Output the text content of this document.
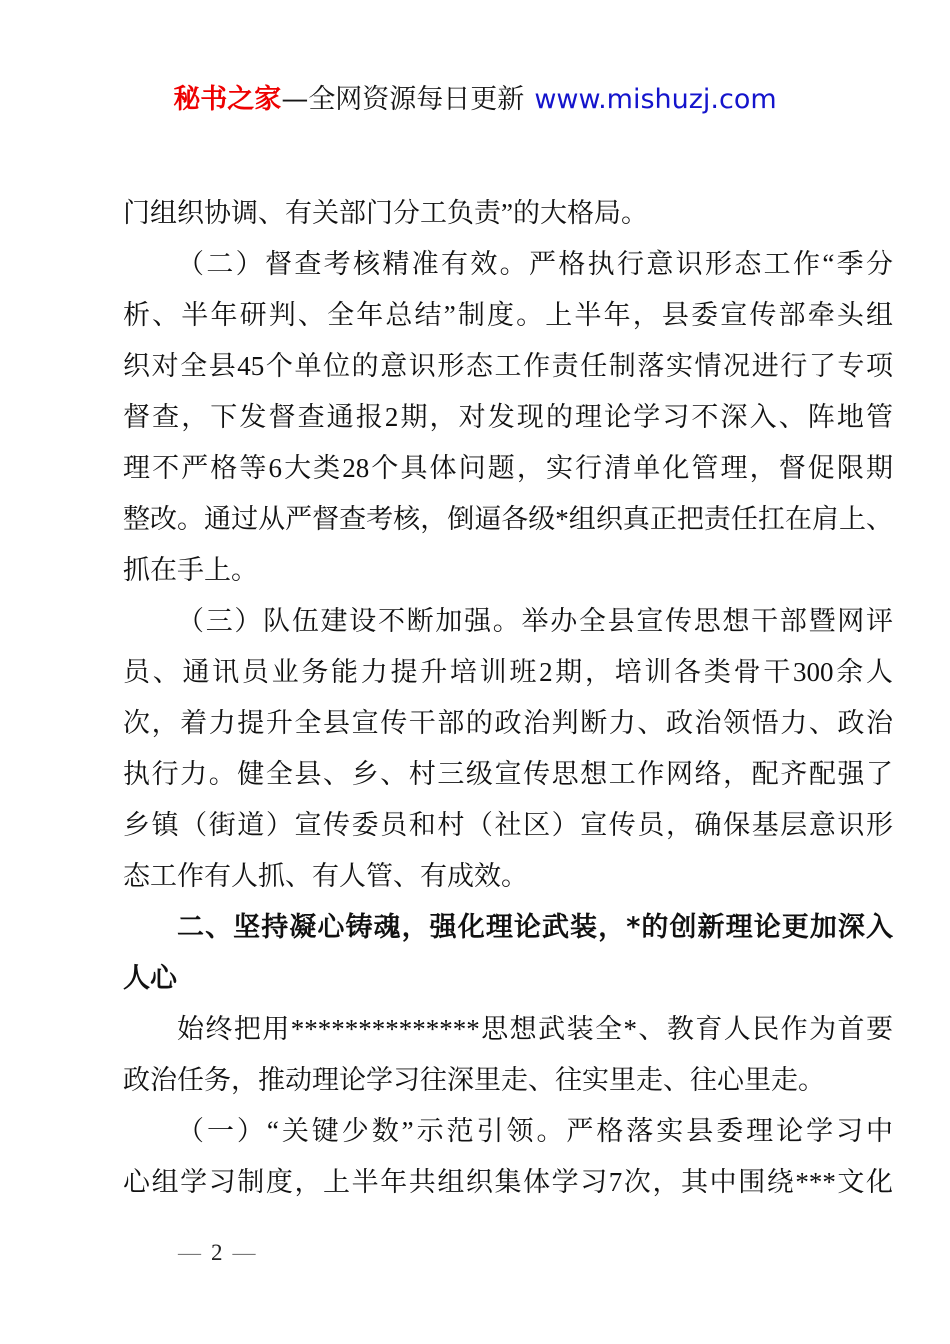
秘书之家—全网资源每日更新 www.mishuzj.com
门组织协调、有关部门分工负责”的大格局。
（二）督查考核精准有效。严格执行意识形态工作“季分
析、半年研判、全年总结”制度。上半年，县委宣传部牵头组
织对全县45个单位的意识形态工作责任制落实情况进行了专项
督查，下发督查通报2期，对发现的理论学习不深入、阵地管
理不严格等6大类28个具体问题，实行清单化管理，督促限期
整改。通过从严督查考核，倒逼各级*组织真正把责任扛在肩上、
抓在手上。
（三）队伍建设不断加强。举办全县宣传思想干部暨网评
员、通讯员业务能力提升培训班2期，培训各类骨干300余人
次，着力提升全县宣传干部的政治判断力、政治领悟力、政治
执行力。健全县、乡、村三级宣传思想工作网络，配齐配强了
乡镇（街道）宣传委员和村（社区）宣传员，确保基层意识形
态工作有人抓、有人管、有成效。
二、坚持凝心铸魂，强化理论武装，*的创新理论更加深入
人心
始终把用**************思想武装全*、教育人民作为首要
政治任务，推动理论学习往深里走、往实里走、往心里走。
（一）“关键少数”示范引领。严格落实县委理论学习中
心组学习制度，上半年共组织集体学习7次，其中围绕***文化
— 2 —
